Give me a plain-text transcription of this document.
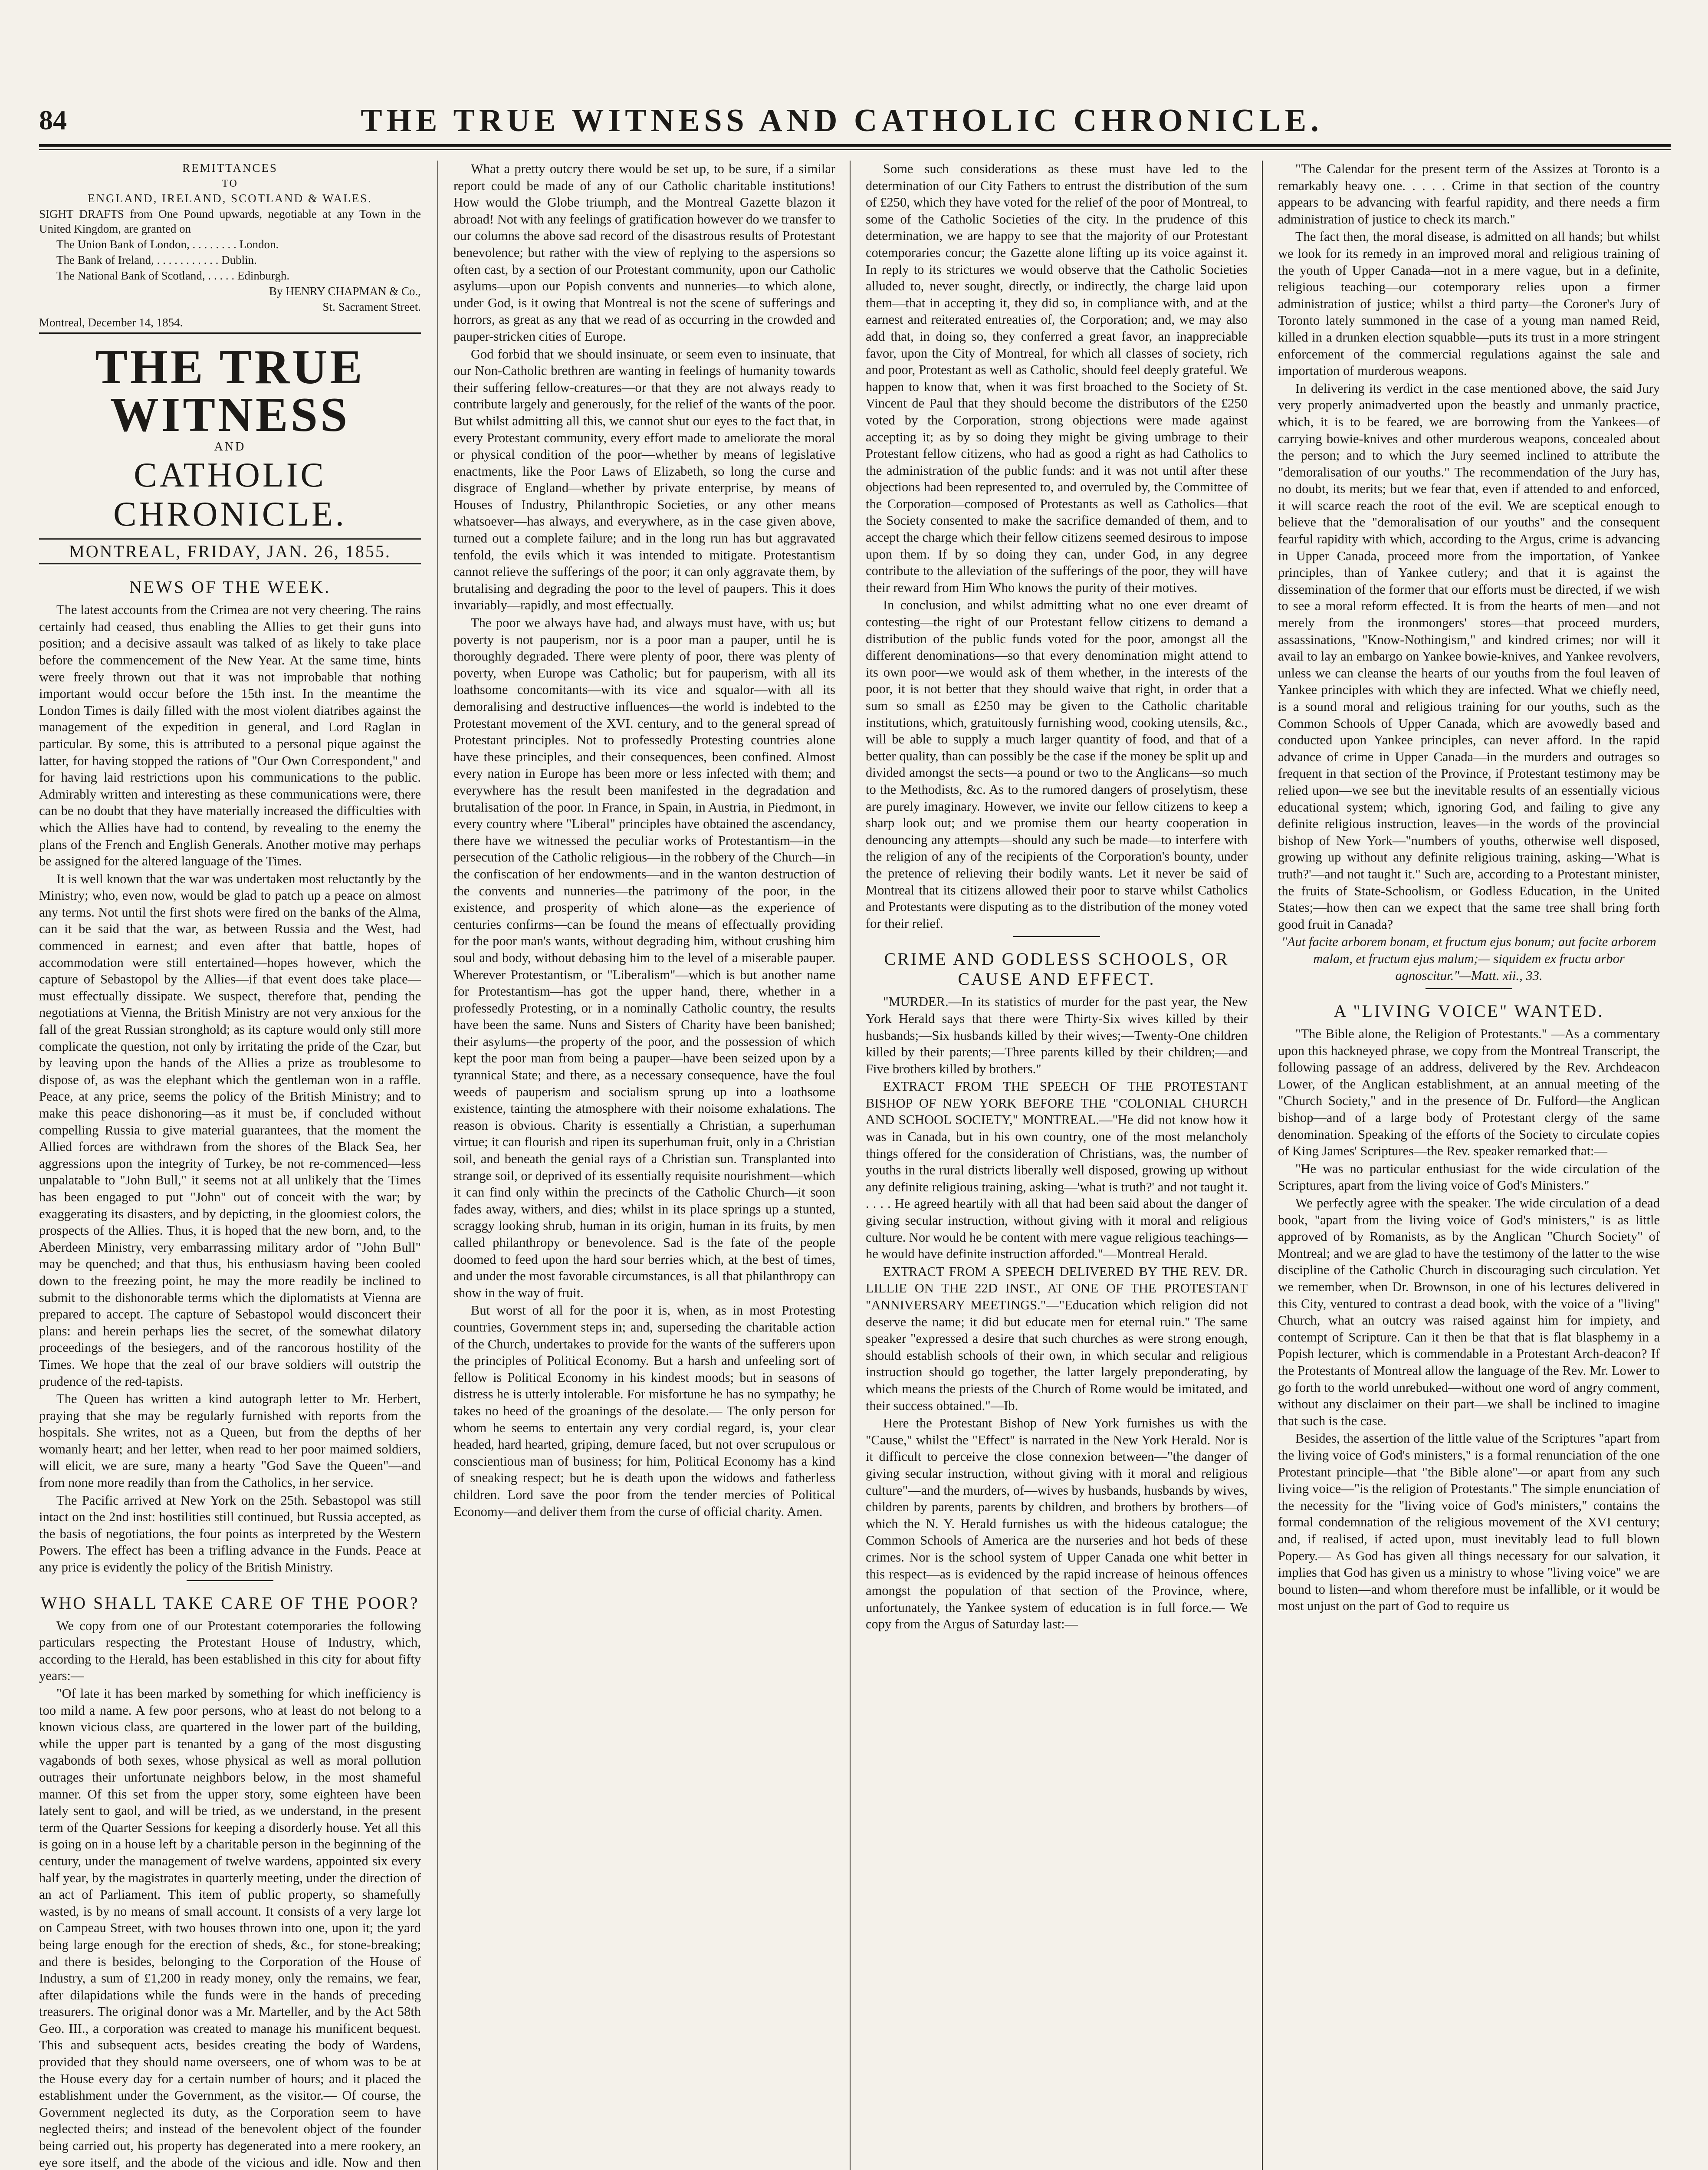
84	THE TRUE WITNESS AND CATHOLIC CHRONICLE.

REMITTANCES

TO

ENGLAND, IRELAND, SCOTLAND & WALES.

SIGHT DRAFTS from One Pound upwards, negotiable at any Town in the United Kingdom, are granted on

The Union Bank of London, . . . . . . . . London.

The Bank of Ireland, . . . . . . . . . . . Dublin.

The National Bank of Scotland, . . . . . Edinburgh.

By HENRY CHAPMAN & Co.,

St. Sacrament Street.

Montreal, December 14, 1854.

THE TRUE WITNESS
AND
CATHOLIC CHRONICLE.
MONTREAL, FRIDAY, JAN. 26, 1855.
NEWS OF THE WEEK.

The latest accounts from the Crimea are not very cheering. The rains certainly had ceased, thus enabling the Allies to get their guns into position; and a decisive assault was talked of as likely to take place before the commencement of the New Year. At the same time, hints were freely thrown out that it was not improbable that nothing important would occur before the 15th inst. In the meantime the London Times is daily filled with the most violent diatribes against the management of the expedition in general, and Lord Raglan in particular. By some, this is attributed to a personal pique against the latter, for having stopped the rations of "Our Own Correspondent," and for having laid restrictions upon his communications to the public. Admirably written and interesting as these communications were, there can be no doubt that they have materially increased the difficulties with which the Allies have had to contend, by revealing to the enemy the plans of the French and English Generals. Another motive may perhaps be assigned for the altered language of the Times.

It is well known that the war was undertaken most reluctantly by the Ministry; who, even now, would be glad to patch up a peace on almost any terms. Not until the first shots were fired on the banks of the Alma, can it be said that the war, as between Russia and the West, had commenced in earnest; and even after that battle, hopes of accommodation were still entertained—hopes however, which the capture of Sebastopol by the Allies—if that event does take place—must effectually dissipate. We suspect, therefore that, pending the negotiations at Vienna, the British Ministry are not very anxious for the fall of the great Russian stronghold; as its capture would only still more complicate the question, not only by irritating the pride of the Czar, but by leaving upon the hands of the Allies a prize as troublesome to dispose of, as was the elephant which the gentleman won in a raffle. Peace, at any price, seems the policy of the British Ministry; and to make this peace dishonoring—as it must be, if concluded without compelling Russia to give material guarantees, that the moment the Allied forces are withdrawn from the shores of the Black Sea, her aggressions upon the integrity of Turkey, be not re-commenced—less unpalatable to "John Bull," it seems not at all unlikely that the Times has been engaged to put "John" out of conceit with the war; by exaggerating its disasters, and by depicting, in the gloomiest colors, the prospects of the Allies. Thus, it is hoped that the new born, and, to the Aberdeen Ministry, very embarrassing military ardor of "John Bull" may be quenched; and that thus, his enthusiasm having been cooled down to the freezing point, he may the more readily be inclined to submit to the dishonorable terms which the diplomatists at Vienna are prepared to accept. The capture of Sebastopol would disconcert their plans: and herein perhaps lies the secret, of the somewhat dilatory proceedings of the besiegers, and of the rancorous hostility of the Times. We hope that the zeal of our brave soldiers will outstrip the prudence of the red-tapists.

The Queen has written a kind autograph letter to Mr. Herbert, praying that she may be regularly furnished with reports from the hospitals. She writes, not as a Queen, but from the depths of her womanly heart; and her letter, when read to her poor maimed soldiers, will elicit, we are sure, many a hearty "God Save the Queen"—and from none more readily than from the Catholics, in her service.

The Pacific arrived at New York on the 25th. Sebastopol was still intact on the 2nd inst: hostilities still continued, but Russia accepted, as the basis of negotiations, the four points as interpreted by the Western Powers. The effect has been a trifling advance in the Funds. Peace at any price is evidently the policy of the British Ministry.

WHO SHALL TAKE CARE OF THE POOR?

We copy from one of our Protestant cotemporaries the following particulars respecting the Protestant House of Industry, which, according to the Herald, has been established in this city for about fifty years:—

"Of late it has been marked by something for which inefficiency is too mild a name. A few poor persons, who at least do not belong to a known vicious class, are quartered in the lower part of the building, while the upper part is tenanted by a gang of the most disgusting vagabonds of both sexes, whose physical as well as moral pollution outrages their unfortunate neighbors below, in the most shameful manner. Of this set from the upper story, some eighteen have been lately sent to gaol, and will be tried, as we understand, in the present term of the Quarter Sessions for keeping a disorderly house. Yet all this is going on in a house left by a charitable person in the beginning of the century, under the management of twelve wardens, appointed six every half year, by the magistrates in quarterly meeting, under the direction of an act of Parliament. This item of public property, so shamefully wasted, is by no means of small account. It consists of a very large lot on Campeau Street, with two houses thrown into one, upon it; the yard being large enough for the erection of sheds, &c., for stone-breaking; and there is besides, belonging to the Corporation of the House of Industry, a sum of £1,200 in ready money, only the remains, we fear, after dilapidations while the funds were in the hands of preceding treasurers. The original donor was a Mr. Marteller, and by the Act 58th Geo. III., a corporation was created to manage his munificent bequest. This and subsequent acts, besides creating the body of Wardens, provided that they should name overseers, one of whom was to be at the House every day for a certain number of hours; and it placed the establishment under the Government, as the visitor.— Of course, the Government neglected its duty, as the Corporation seem to have neglected theirs; and instead of the benevolent object of the founder being carried out, his property has degenerated into a mere rookery, an eye sore itself, and the abode of the vicious and idle. Now and then

What a pretty outcry there would be set up, to be sure, if a similar report could be made of any of our Catholic charitable institutions! How would the Globe triumph, and the Montreal Gazette blazon it abroad! Not with any feelings of gratification however do we transfer to our columns the above sad record of the disastrous results of Protestant benevolence; but rather with the view of replying to the aspersions so often cast, by a section of our Protestant community, upon our Catholic asylums—upon our Popish convents and nunneries—to which alone, under God, is it owing that Montreal is not the scene of sufferings and horrors, as great as any that we read of as occurring in the crowded and pauper-stricken cities of Europe.

God forbid that we should insinuate, or seem even to insinuate, that our Non-Catholic brethren are wanting in feelings of humanity towards their suffering fellow-creatures—or that they are not always ready to contribute largely and generously, for the relief of the wants of the poor. But whilst admitting all this, we cannot shut our eyes to the fact that, in every Protestant community, every effort made to ameliorate the moral or physical condition of the poor—whether by means of legislative enactments, like the Poor Laws of Elizabeth, so long the curse and disgrace of England—whether by private enterprise, by means of Houses of Industry, Philanthropic Societies, or any other means whatsoever—has always, and everywhere, as in the case given above, turned out a complete failure; and in the long run has but aggravated tenfold, the evils which it was intended to mitigate. Protestantism cannot relieve the sufferings of the poor; it can only aggravate them, by brutalising and degrading the poor to the level of paupers. This it does invariably—rapidly, and most effectually.

The poor we always have had, and always must have, with us; but poverty is not pauperism, nor is a poor man a pauper, until he is thoroughly degraded. There were plenty of poor, there was plenty of poverty, when Europe was Catholic; but for pauperism, with all its loathsome concomitants—with its vice and squalor—with all its demoralising and destructive influences—the world is indebted to the Protestant movement of the XVI. century, and to the general spread of Protestant principles. Not to professedly Protesting countries alone have these principles, and their consequences, been confined. Almost every nation in Europe has been more or less infected with them; and everywhere has the result been manifested in the degradation and brutalisation of the poor. In France, in Spain, in Austria, in Piedmont, in every country where "Liberal" principles have obtained the ascendancy, there have we witnessed the peculiar works of Protestantism—in the persecution of the Catholic religious—in the robbery of the Church—in the confiscation of her endowments—and in the wanton destruction of the convents and nunneries—the patrimony of the poor, in the existence, and prosperity of which alone—as the experience of centuries confirms—can be found the means of effectually providing for the poor man's wants, without degrading him, without crushing him soul and body, without debasing him to the level of a miserable pauper. Wherever Protestantism, or "Liberalism"—which is but another name for Protestantism—has got the upper hand, there, whether in a professedly Protesting, or in a nominally Catholic country, the results have been the same. Nuns and Sisters of Charity have been banished; their asylums—the property of the poor, and the possession of which kept the poor man from being a pauper—have been seized upon by a tyrannical State; and there, as a necessary consequence, have the foul weeds of pauperism and socialism sprung up into a loathsome existence, tainting the atmosphere with their noisome exhalations. The reason is obvious. Charity is essentially a Christian, a superhuman virtue; it can flourish and ripen its superhuman fruit, only in a Christian soil, and beneath the genial rays of a Christian sun. Transplanted into strange soil, or deprived of its essentially requisite nourishment—which it can find only within the precincts of the Catholic Church—it soon fades away, withers, and dies; whilst in its place springs up a stunted, scraggy looking shrub, human in its origin, human in its fruits, by men called philanthropy or benevolence. Sad is the fate of the people doomed to feed upon the hard sour berries which, at the best of times, and under the most favorable circumstances, is all that philanthropy can show in the way of fruit.

But worst of all for the poor it is, when, as in most Protesting countries, Government steps in; and, superseding the charitable action of the Church, undertakes to provide for the wants of the sufferers upon the principles of Political Economy. But a harsh and unfeeling sort of fellow is Political Economy in his kindest moods; but in seasons of distress he is utterly intolerable. For misfortune he has no sympathy; he takes no heed of the groanings of the desolate.— The only person for whom he seems to entertain any very cordial regard, is, your clear headed, hard hearted, griping, demure faced, but not over scrupulous or conscientious man of business; for him, Political Economy has a kind of sneaking respect; but he is death upon the widows and fatherless children. Lord save the poor from the tender mercies of Political Economy—and deliver them from the curse of official charity. Amen.

Some such considerations as these must have led to the determination of our City Fathers to entrust the distribution of the sum of £250, which they have voted for the relief of the poor of Montreal, to some of the Catholic Societies of the city. In the prudence of this determination, we are happy to see that the majority of our Protestant cotemporaries concur; the Gazette alone lifting up its voice against it. In reply to its strictures we would observe that the Catholic Societies alluded to, never sought, directly, or indirectly, the charge laid upon them—that in accepting it, they did so, in compliance with, and at the earnest and reiterated entreaties of, the Corporation; and, we may also add that, in doing so, they conferred a great favor, an inappreciable favor, upon the City of Montreal, for which all classes of society, rich and poor, Protestant as well as Catholic, should feel deeply grateful. We happen to know that, when it was first broached to the Society of St. Vincent de Paul that they should become the distributors of the £250 voted by the Corporation, strong objections were made against accepting it; as by so doing they might be giving umbrage to their Protestant fellow citizens, who had as good a right as had Catholics to the administration of the public funds: and it was not until after these objections had been represented to, and overruled by, the Committee of the Corporation—composed of Protestants as well as Catholics—that the Society consented to make the sacrifice demanded of them, and to accept the charge which their fellow citizens seemed desirous to impose upon them. If by so doing they can, under God, in any degree contribute to the alleviation of the sufferings of the poor, they will have their reward from Him Who knows the purity of their motives.

In conclusion, and whilst admitting what no one ever dreamt of contesting—the right of our Protestant fellow citizens to demand a distribution of the public funds voted for the poor, amongst all the different denominations—so that every denomination might attend to its own poor—we would ask of them whether, in the interests of the poor, it is not better that they should waive that right, in order that a sum so small as £250 may be given to the Catholic charitable institutions, which, gratuitously furnishing wood, cooking utensils, &c., will be able to supply a much larger quantity of food, and that of a better quality, than can possibly be the case if the money be split up and divided amongst the sects—a pound or two to the Anglicans—so much to the Methodists, &c. As to the rumored dangers of proselytism, these are purely imaginary. However, we invite our fellow citizens to keep a sharp look out; and we promise them our hearty cooperation in denouncing any attempts—should any such be made—to interfere with the religion of any of the recipients of the Corporation's bounty, under the pretence of relieving their bodily wants. Let it never be said of Montreal that its citizens allowed their poor to starve whilst Catholics and Protestants were disputing as to the distribution of the money voted for their relief.

CRIME AND GODLESS SCHOOLS, OR CAUSE AND EFFECT.

"MURDER.—In its statistics of murder for the past year, the New York Herald says that there were Thirty-Six wives killed by their husbands;—Six husbands killed by their wives;—Twenty-One children killed by their parents;—Three parents killed by their children;—and Five brothers killed by brothers."

EXTRACT FROM THE SPEECH OF THE PROTESTANT BISHOP OF NEW YORK BEFORE THE "COLONIAL CHURCH AND SCHOOL SOCIETY," MONTREAL.—"He did not know how it was in Canada, but in his own country, one of the most melancholy things offered for the consideration of Christians, was, the number of youths in the rural districts liberally well disposed, growing up without any definite religious training, asking—'what is truth?' and not taught it. . . . . He agreed heartily with all that had been said about the danger of giving secular instruction, without giving with it moral and religious culture. Nor would he be content with mere vague religious teachings—he would have definite instruction afforded."—Montreal Herald.

EXTRACT FROM A SPEECH DELIVERED BY THE REV. DR. LILLIE ON THE 22D INST., AT ONE OF THE PROTESTANT "ANNIVERSARY MEETINGS."—"Education which religion did not deserve the name; it did but educate men for eternal ruin." The same speaker "expressed a desire that such churches as were strong enough, should establish schools of their own, in which secular and religious instruction should go together, the latter largely preponderating, by which means the priests of the Church of Rome would be imitated, and their success obtained."—Ib.

Here the Protestant Bishop of New York furnishes us with the "Cause," whilst the "Effect" is narrated in the New York Herald. Nor is it difficult to perceive the close connexion between—"the danger of giving secular instruction, without giving with it moral and religious culture"—and the murders, of—wives by husbands, husbands by wives, children by parents, parents by children, and brothers by brothers—of which the N. Y. Herald furnishes us with the hideous catalogue; the Common Schools of America are the nurseries and hot beds of these crimes. Nor is the school system of Upper Canada one whit better in this respect—as is evidenced by the rapid increase of heinous offences amongst the population of that section of the Province, where, unfortunately, the Yankee system of education is in full force.— We copy from the Argus of Saturday last:—

"The Calendar for the present term of the Assizes at Toronto is a remarkably heavy one. . . . . Crime in that section of the country appears to be advancing with fearful rapidity, and there needs a firm administration of justice to check its march."

The fact then, the moral disease, is admitted on all hands; but whilst we look for its remedy in an improved moral and religious training of the youth of Upper Canada—not in a mere vague, but in a definite, religious teaching—our cotemporary relies upon a firmer administration of justice; whilst a third party—the Coroner's Jury of Toronto lately summoned in the case of a young man named Reid, killed in a drunken election squabble—puts its trust in a more stringent enforcement of the commercial regulations against the sale and importation of murderous weapons.

In delivering its verdict in the case mentioned above, the said Jury very properly animadverted upon the beastly and unmanly practice, which, it is to be feared, we are borrowing from the Yankees—of carrying bowie-knives and other murderous weapons, concealed about the person; and to which the Jury seemed inclined to attribute the "demoralisation of our youths." The recommendation of the Jury has, no doubt, its merits; but we fear that, even if attended to and enforced, it will scarce reach the root of the evil. We are sceptical enough to believe that the "demoralisation of our youths" and the consequent fearful rapidity with which, according to the Argus, crime is advancing in Upper Canada, proceed more from the importation, of Yankee principles, than of Yankee cutlery; and that it is against the dissemination of the former that our efforts must be directed, if we wish to see a moral reform effected. It is from the hearts of men—and not merely from the ironmongers' stores—that proceed murders, assassinations, "Know-Nothingism," and kindred crimes; nor will it avail to lay an embargo on Yankee bowie-knives, and Yankee revolvers, unless we can cleanse the hearts of our youths from the foul leaven of Yankee principles with which they are infected. What we chiefly need, is a sound moral and religious training for our youths, such as the Common Schools of Upper Canada, which are avowedly based and conducted upon Yankee principles, can never afford. In the rapid advance of crime in Upper Canada—in the murders and outrages so frequent in that section of the Province, if Protestant testimony may be relied upon—we see but the inevitable results of an essentially vicious educational system; which, ignoring God, and failing to give any definite religious instruction, leaves—in the words of the provincial bishop of New York—"numbers of youths, otherwise well disposed, growing up without any definite religious training, asking—'What is truth?'—and not taught it." Such are, according to a Protestant minister, the fruits of State-Schoolism, or Godless Education, in the United States;—how then can we expect that the same tree shall bring forth good fruit in Canada?

"Aut facite arborem bonam, et fructum ejus bonum; aut facite arborem malam, et fructum ejus malum;— siquidem ex fructu arbor agnoscitur."—Matt. xii., 33.

A "LIVING VOICE" WANTED.

"The Bible alone, the Religion of Protestants." —As a commentary upon this hackneyed phrase, we copy from the Montreal Transcript, the following passage of an address, delivered by the Rev. Archdeacon Lower, of the Anglican establishment, at an annual meeting of the "Church Society," and in the presence of Dr. Fulford—the Anglican bishop—and of a large body of Protestant clergy of the same denomination. Speaking of the efforts of the Society to circulate copies of King James' Scriptures—the Rev. speaker remarked that:—

"He was no particular enthusiast for the wide circulation of the Scriptures, apart from the living voice of God's Ministers."

We perfectly agree with the speaker. The wide circulation of a dead book, "apart from the living voice of God's ministers," is as little approved of by Romanists, as by the Anglican "Church Society" of Montreal; and we are glad to have the testimony of the latter to the wise discipline of the Catholic Church in discouraging such circulation. Yet we remember, when Dr. Brownson, in one of his lectures delivered in this City, ventured to contrast a dead book, with the voice of a "living" Church, what an outcry was raised against him for impiety, and contempt of Scripture. Can it then be that that is flat blasphemy in a Popish lecturer, which is commendable in a Protestant Arch-deacon? If the Protestants of Montreal allow the language of the Rev. Mr. Lower to go forth to the world unrebuked—without one word of angry comment, without any disclaimer on their part—we shall be inclined to imagine that such is the case.

Besides, the assertion of the little value of the Scriptures "apart from the living voice of God's ministers," is a formal renunciation of the one Protestant principle—that "the Bible alone"—or apart from any such living voice—"is the religion of Protestants." The simple enunciation of the necessity for the "living voice of God's ministers," contains the formal condemnation of the religious movement of the XVI century; and, if realised, if acted upon, must inevitably lead to full blown Popery.— As God has given all things necessary for our salvation, it implies that God has given us a ministry to whose "living voice" we are bound to listen—and whom therefore must be infallible, or it would be most unjust on the part of God to require us
